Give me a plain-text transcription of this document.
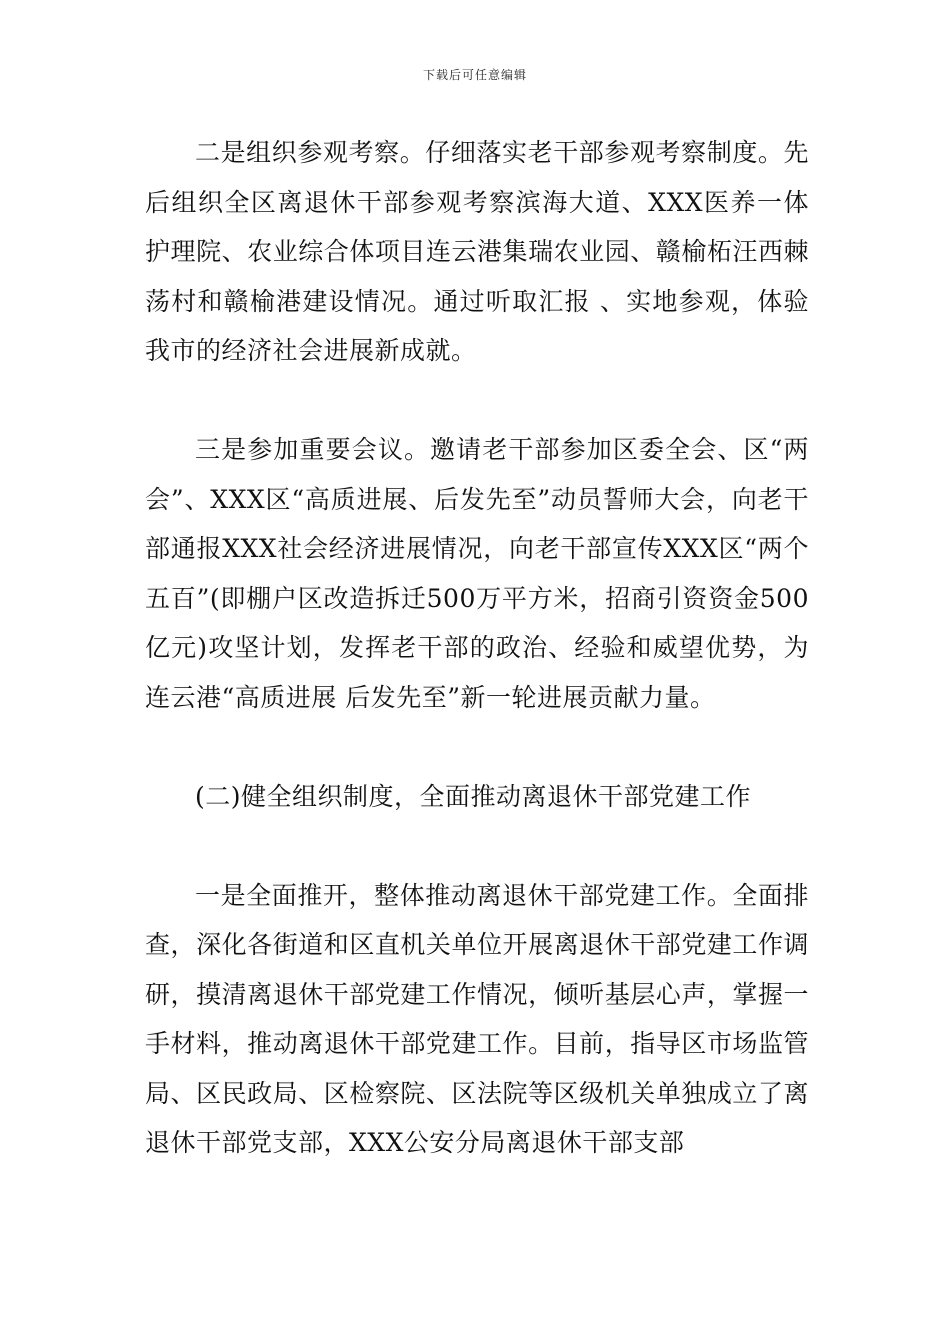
下载后可任意编辑

二是组织参观考察。仔细落实老干部参观考察制度。先后组织全区离退休干部参观考察滨海大道、XXX医养一体护理院、农业综合体项目连云港集瑞农业园、赣榆柘汪西棘荡村和赣榆港建设情况。通过听取汇报 、实地参观，体验我市的经济社会进展新成就。

三是参加重要会议。邀请老干部参加区委全会、区“两会”、XXX区“高质进展、后发先至”动员誓师大会，向老干部通报XXX社会经济进展情况，向老干部宣传XXX区“两个五百”(即棚户区改造拆迁500万平方米，招商引资资金500亿元)攻坚计划，发挥老干部的政治、经验和威望优势，为连云港“高质进展 后发先至”新一轮进展贡献力量。

(二)健全组织制度，全面推动离退休干部党建工作

一是全面推开，整体推动离退休干部党建工作。全面排查，深化各街道和区直机关单位开展离退休干部党建工作调研，摸清离退休干部党建工作情况，倾听基层心声，掌握一手材料，推动离退休干部党建工作。目前，指导区市场监管局、区民政局、区检察院、区法院等区级机关单独成立了离退休干部党支部，XXX公安分局离退休干部支部
